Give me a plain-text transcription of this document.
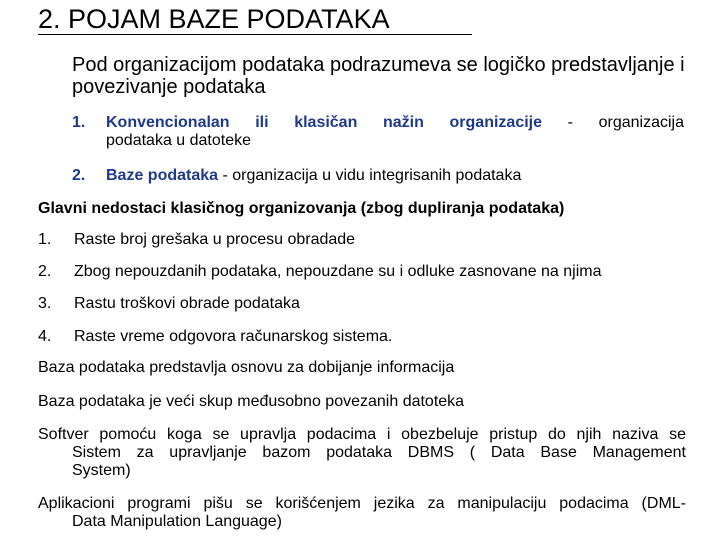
2. POJAM BAZE PODATAKA
Pod organizacijom podataka podrazumeva se logičko predstavljanje i povezivanje podataka
1. Konvencionalan ili klasičan nažin organizacije - organizacija
podataka u datoteke
2. Baze podataka - organizacija u vidu integrisanih podataka
Glavni nedostaci klasičnog organizovanja (zbog dupliranja podataka)
1. Raste broj grešaka u procesu obradade
2. Zbog nepouzdanih podataka, nepouzdane su i odluke zasnovane na njima
3. Rastu troškovi obrade podataka
4. Raste vreme odgovora računarskog sistema.
Baza podataka predstavlja osnovu za dobijanje informacija
Baza podataka je veći skup međusobno povezanih datoteka
Softver pomoću koga se upravlja podacima i obezbeluje pristup do njih naziva se
Sistem za upravljanje bazom podataka DBMS ( Data Base Management
System)
Aplikacioni programi pišu se korišćenjem jezika za manipulaciju podacima (DML-
Data Manipulation Language)
